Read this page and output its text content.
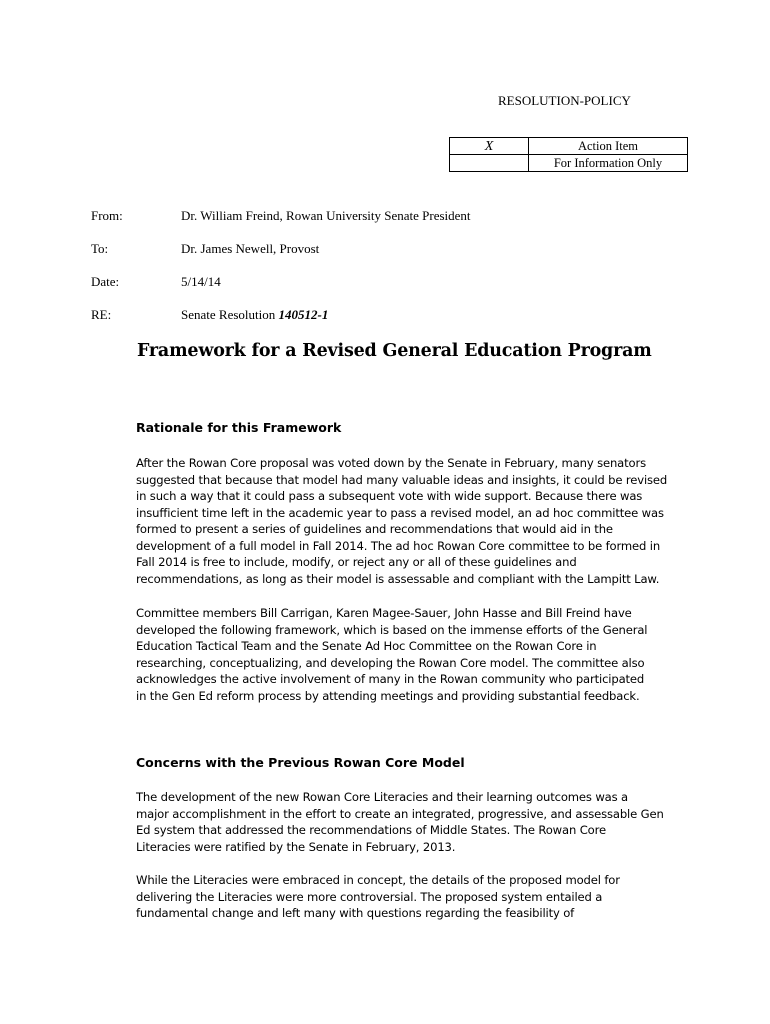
RESOLUTION-POLICY
X	Action Item
	For Information Only
From:	Dr. William Freind, Rowan University Senate President
To:	Dr. James Newell, Provost
Date:	5/14/14
RE:	Senate Resolution 140512-1
Framework for a Revised General Education Program
Rationale for this Framework

After the Rowan Core proposal was voted down by the Senate in February, many senators
suggested that because that model had many valuable ideas and insights, it could be revised
in such a way that it could pass a subsequent vote with wide support. Because there was
insufficient time left in the academic year to pass a revised model, an ad hoc committee was
formed to present a series of guidelines and recommendations that would aid in the
development of a full model in Fall 2014. The ad hoc Rowan Core committee to be formed in
Fall 2014 is free to include, modify, or reject any or all of these guidelines and
recommendations, as long as their model is assessable and compliant with the Lampitt Law.

Committee members Bill Carrigan, Karen Magee-Sauer, John Hasse and Bill Freind have
developed the following framework, which is based on the immense efforts of the General
Education Tactical Team and the Senate Ad Hoc Committee on the Rowan Core in
researching, conceptualizing, and developing the Rowan Core model. The committee also
acknowledges the active involvement of many in the Rowan community who participated
in the Gen Ed reform process by attending meetings and providing substantial feedback.

Concerns with the Previous Rowan Core Model

The development of the new Rowan Core Literacies and their learning outcomes was a
major accomplishment in the effort to create an integrated, progressive, and assessable Gen
Ed system that addressed the recommendations of Middle States. The Rowan Core
Literacies were ratified by the Senate in February, 2013.

While the Literacies were embraced in concept, the details of the proposed model for
delivering the Literacies were more controversial. The proposed system entailed a
fundamental change and left many with questions regarding the feasibility of
